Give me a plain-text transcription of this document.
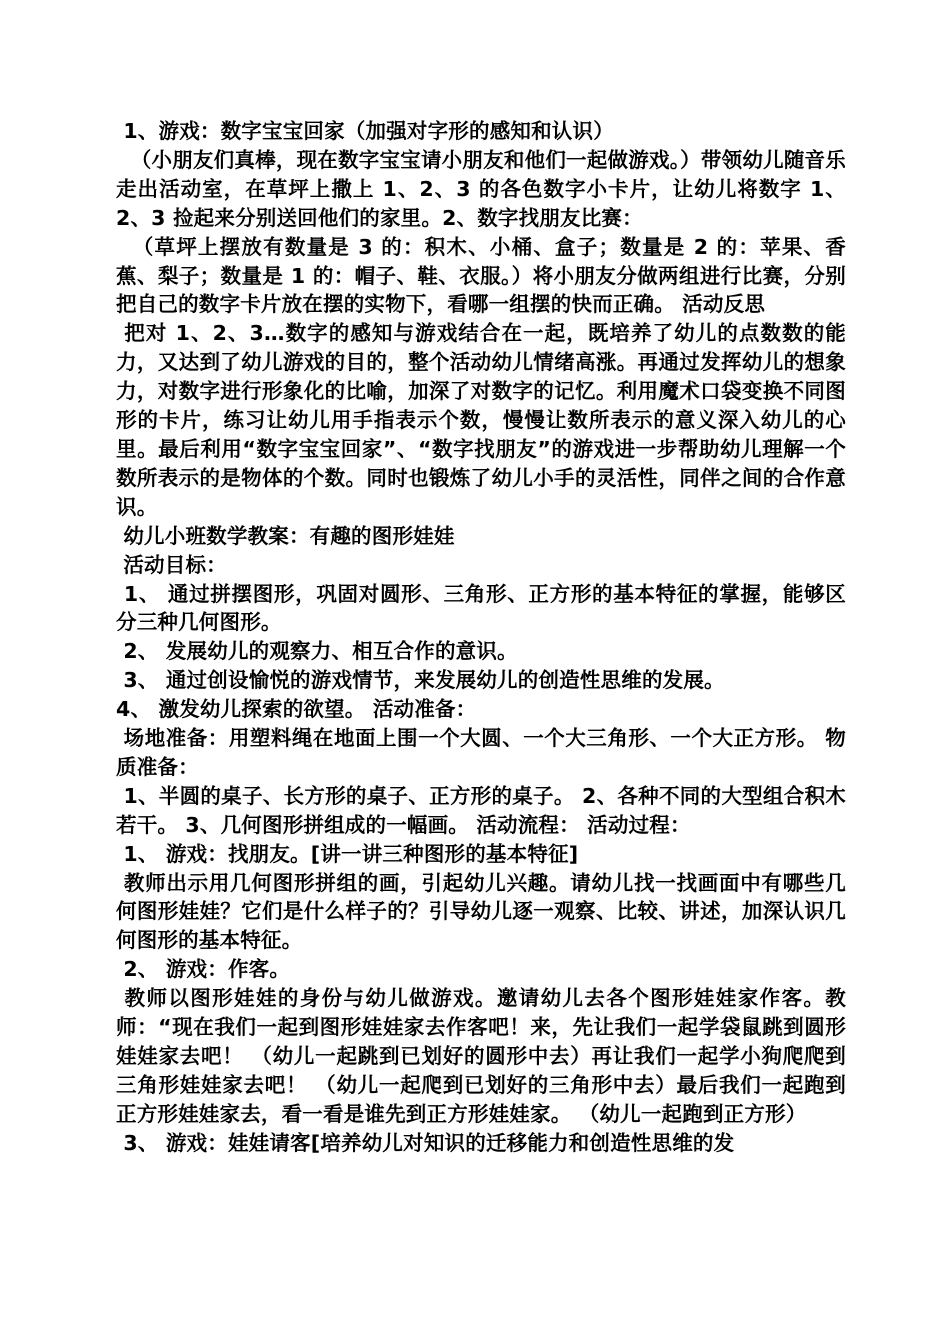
1、游戏：数字宝宝回家（加强对字形的感知和认识）

（小朋友们真棒，现在数字宝宝请小朋友和他们一起做游戏。）带领幼儿随音乐走出活动室，在草坪上撒上 1、2、3 的各色数字小卡片，让幼儿将数字 1、2、3 捡起来分别送回他们的家里。2、数字找朋友比赛：

（草坪上摆放有数量是 3 的：积木、小桶、盒子；数量是 2 的：苹果、香蕉、梨子；数量是 1 的：帽子、鞋、衣服。）将小朋友分做两组进行比赛，分别把自己的数字卡片放在摆的实物下，看哪一组摆的快而正确。 活动反思

把对 1、2、3…数字的感知与游戏结合在一起，既培养了幼儿的点数数的能力，又达到了幼儿游戏的目的，整个活动幼儿情绪高涨。再通过发挥幼儿的想象力，对数字进行形象化的比喻，加深了对数字的记忆。利用魔术口袋变换不同图形的卡片，练习让幼儿用手指表示个数，慢慢让数所表示的意义深入幼儿的心里。最后利用“数字宝宝回家”、“数字找朋友”的游戏进一步帮助幼儿理解一个数所表示的是物体的个数。同时也锻炼了幼儿小手的灵活性，同伴之间的合作意识。

幼儿小班数学教案：有趣的图形娃娃

活动目标：

1、 通过拼摆图形，巩固对圆形、三角形、正方形的基本特征的掌握，能够区分三种几何图形。

2、 发展幼儿的观察力、相互合作的意识。

3、 通过创设愉悦的游戏情节，来发展幼儿的创造性思维的发展。

4、 激发幼儿探索的欲望。 活动准备：

场地准备：用塑料绳在地面上围一个大圆、一个大三角形、一个大正方形。 物质准备：

1、半圆的桌子、长方形的桌子、正方形的桌子。 2、各种不同的大型组合积木若干。 3、几何图形拼组成的一幅画。 活动流程： 活动过程：

1、 游戏：找朋友。[讲一讲三种图形的基本特征]

教师出示用几何图形拼组的画，引起幼儿兴趣。请幼儿找一找画面中有哪些几何图形娃娃？它们是什么样子的？引导幼儿逐一观察、比较、讲述，加深认识几何图形的基本特征。

2、 游戏：作客。

教师以图形娃娃的身份与幼儿做游戏。邀请幼儿去各个图形娃娃家作客。教师：“现在我们一起到图形娃娃家去作客吧！来，先让我们一起学袋鼠跳到圆形娃娃家去吧！ （幼儿一起跳到已划好的圆形中去）再让我们一起学小狗爬爬到三角形娃娃家去吧！ （幼儿一起爬到已划好的三角形中去）最后我们一起跑到正方形娃娃家去，看一看是谁先到正方形娃娃家。 （幼儿一起跑到正方形）

3、 游戏：娃娃请客[培养幼儿对知识的迁移能力和创造性思维的发
